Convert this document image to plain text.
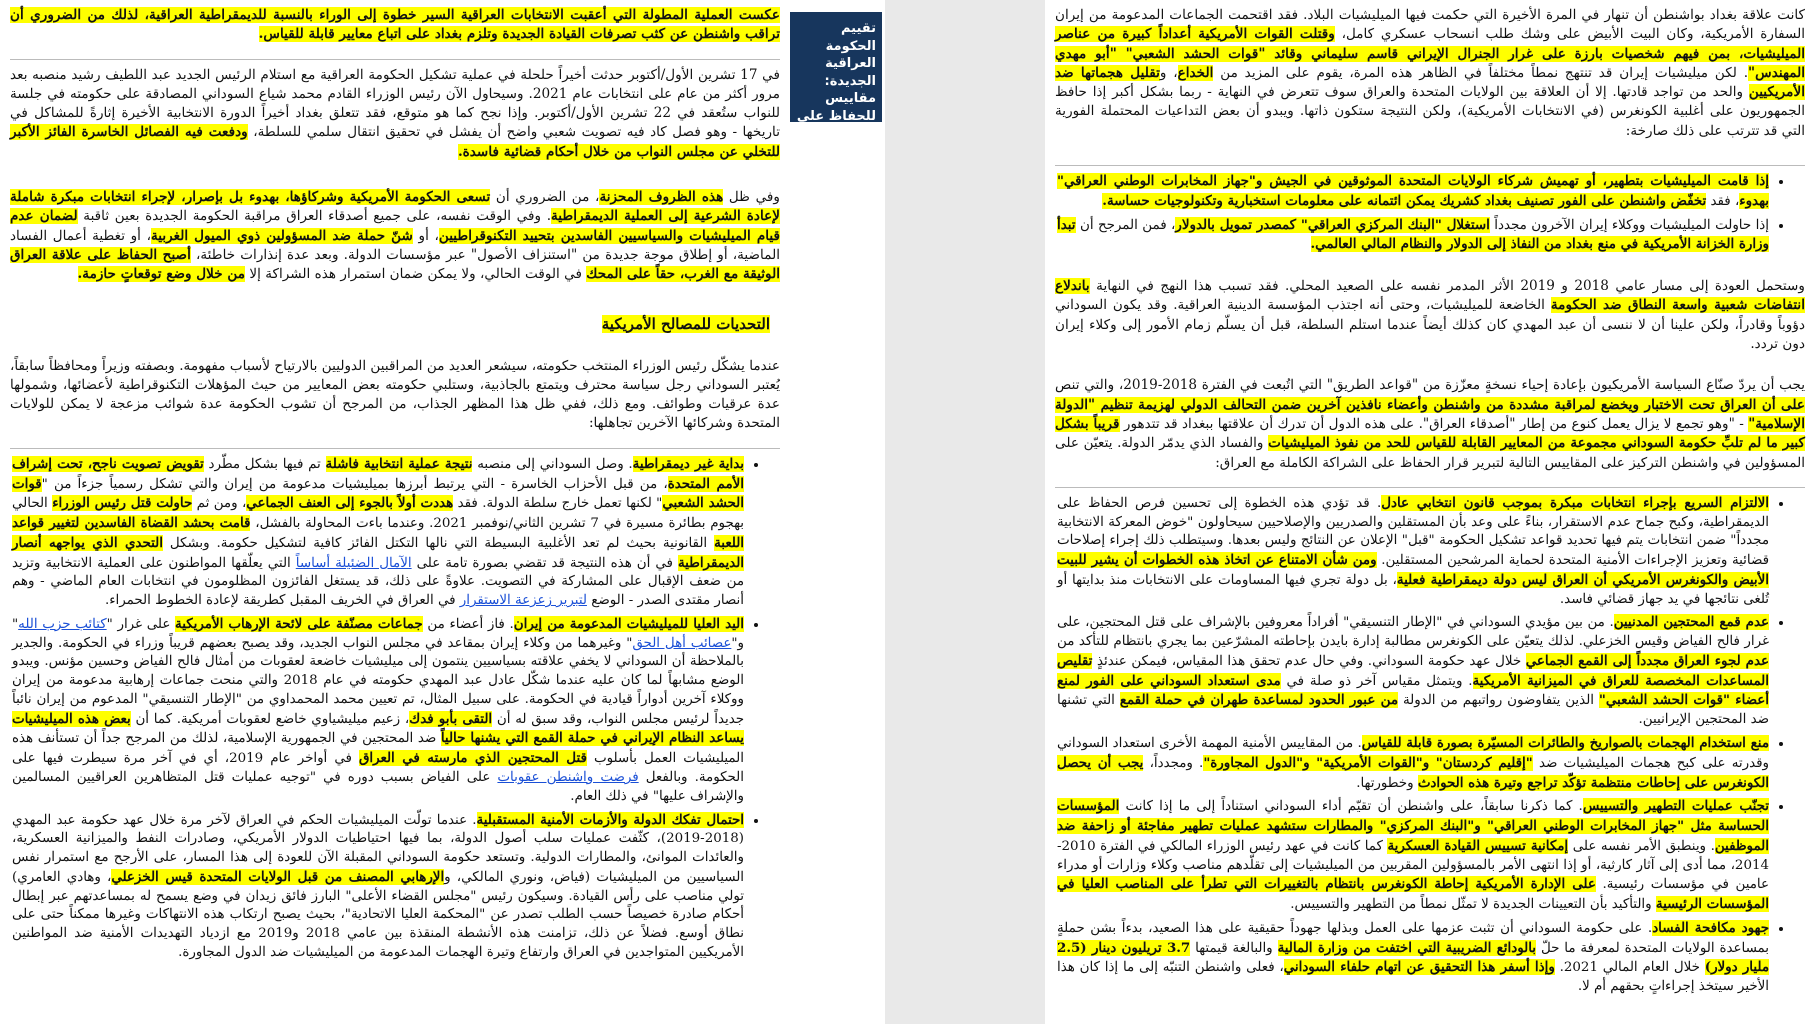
عكست العملية المطولة التي أعقبت الانتخابات العراقية السير خطوة إلى الوراء بالنسبة للديمقراطية العراقية، لذلك من الضروري أن تراقب واشنطن عن كثب تصرفات القيادة الجديدة وتلزم بغداد على اتباع معايير قابلة للقياس.

في 17 تشرين الأول/أكتوبر حدثت أخيراً حلحلة في عملية تشكيل الحكومة العراقية مع استلام الرئيس الجديد عبد اللطيف رشيد منصبه بعد مرور أكثر من عام على انتخابات عام 2021. وسيحاول الآن رئيس الوزراء القادم محمد شياع السوداني المصادقة على حكومته في جلسة للنواب ستُعقد في 22 تشرين الأول/أكتوبر. وإذا نجح كما هو متوقع، فقد تتعلق بغداد أخيراً الدورة الانتخابية الأخيرة إثارةً للمشاكل في تاريخها - وهو فصل كاد فيه تصويت شعبي واضح أن يفشل في تحقيق انتقال سلمي للسلطة، ودفعت فيه الفصائل الخاسرة الفائز الأكبر للتخلي عن مجلس النواب من خلال أحكام قضائية فاسدة.

وفي ظل هذه الظروف المحزنة، من الضروري أن تسعى الحكومة الأمريكية وشركاؤها، بهدوء بل بإصرار، لإجراء انتخابات مبكرة شاملة لإعادة الشرعية إلى العملية الديمقراطية. وفي الوقت نفسه، على جميع أصدقاء العراق مراقبة الحكومة الجديدة بعين ثاقبة لضمان عدم قيام الميليشيات والسياسيين الفاسدين بتحييد التكنوقراطيين، أو شنّ حملة ضد المسؤولين ذوي الميول الغربية، أو تغطية أعمال الفساد الماضية، أو إطلاق موجة جديدة من "استنزاف الأصول" عبر مؤسسات الدولة. وبعد عدة إنذارات خاطئة، أصبح الحفاظ على علاقة العراق الوثيقة مع الغرب، حقاً على المحك في الوقت الحالي، ولا يمكن ضمان استمرار هذه الشراكة إلا من خلال وضع توقعاتٍ حازمة.

التحديات للمصالح الأمريكية

عندما يشكّل رئيس الوزراء المنتخب حكومته، سيشعر العديد من المراقبين الدوليين بالارتياح لأسباب مفهومة. وبصفته وزيراً ومحافظاً سابقاً، يُعتبر السوداني رجل سياسة محترف ويتمتع بالجاذبية، وستلبي حكومته بعض المعايير من حيث المؤهلات التكنوقراطية لأعضائها، وشمولها عدة عرقيات وطوائف. ومع ذلك، ففي ظل هذا المظهر الجذاب، من المرجح أن تشوب الحكومة عدة شوائب مزعجة لا يمكن للولايات المتحدة وشركائها الآخرين تجاهلها:

• بداية غير ديمقراطية. وصل السوداني إلى منصبه نتيجة عملية انتخابية فاشلة تم فيها بشكل مطّرد تقويض تصويت ناجح، تحت إشراف الأمم المتحدة، من قبل الأحزاب الخاسرة - التي يرتبط أبرزها بميليشيات مدعومة من إيران والتي تشكل رسمياً جزءاً من "قوات الحشد الشعبي" لكنها تعمل خارج سلطة الدولة. فقد هددت أولاً بالجوء إلى العنف الجماعي، ومن ثم حاولت قتل رئيس الوزراء الحالي بهجوم بطائرة مسيرة في 7 تشرين الثاني/نوفمبر 2021. وعندما باءت المحاولة بالفشل، قامت بحشد القضاة الفاسدين لتغيير قواعد اللعبة القانونية بحيث لم تعد الأغلبية البسيطة التي نالها التكتل الفائز كافية لتشكيل حكومة. وبشكل التحدي الذي يواجهه أنصار الديمقراطية في أن هذه النتيجة قد تقضي بصورة تامة على الآمال الضئيلة أساساً التي يعلّقها المواطنون على العملية الانتخابية وتزيد من ضعف الإقبال على المشاركة في التصويت. علاوةً على ذلك، قد يستغل الفائزون المظلومون في انتخابات العام الماضي - وهم أنصار مقتدى الصدر - الوضع لتبرير زعزعة الاستقرار في العراق في الخريف المقبل كطريقة لإعادة الخطوط الحمراء.
• اليد العليا للميليشيات المدعومة من إيران. فاز أعضاء من جماعات مصنّفة على لائحة الإرهاب الأمريكية على غرار "كتائب حزب الله" و"عصائب أهل الحق" وغيرهما من وكلاء إيران بمقاعد في مجلس النواب الجديد، وقد يصبح بعضهم قريباً وزراء في الحكومة. والجدير بالملاحظة أن السوداني لا يخفي علاقته بسياسيين ينتمون إلى ميليشيات خاضعة لعقوبات من أمثال فالح الفياض وحسين مؤنس. ويبدو الوضع مشابهاً لما كان عليه عندما شكّل عادل عبد المهدي حكومته في عام 2018 والتي منحت جماعات إرهابية مدعومة من إيران ووكلاء آخرين أدواراً قيادية في الحكومة. على سبيل المثال، تم تعيين محمد المحمداوي من "الإطار التنسيقي" المدعوم من إيران نائباً جديداً لرئيس مجلس النواب، وقد سبق له أن التقى بأبو فدك، زعيم ميليشياوي خاضع لعقوبات أمريكية. كما أن بعض هذه الميليشيات يساعد النظام الإيراني في حملة القمع التي يشنها حالياً ضد المحتجين في الجمهورية الإسلامية، لذلك من المرجح جداً أن تستأنف هذه الميليشيات العمل بأسلوب قتل المحتجين الذي مارسته في العراق في أواخر عام 2019، أي في آخر مرة سيطرت فيها على الحكومة. وبالفعل فرضت واشنطن عقوبات على الفياض بسبب دوره في "توجيه عمليات قتل المتظاهرين العراقيين المسالمين والإشراف عليها" في ذلك العام.
• احتمال تفكك الدولة والأزمات الأمنية المستقبلية. عندما تولّت الميليشيات الحكم في العراق لآخر مرة خلال عهد حكومة عبد المهدي (2018-2019)، كثّفت عمليات سلب أصول الدولة، بما فيها احتياطيات الدولار الأمريكي، وصادرات النفط والميزانية العسكرية، والعائدات الموانئ، والمطارات الدولية. وتستعد حكومة السوداني المقبلة الآن للعودة إلى هذا المسار، على الأرجح مع استمرار نفس السياسيين من الميليشيات (فياض، ونوري المالكي، والإرهابي المصنف من قبل الولايات المتحدة قيس الخزعلي، وهادي العامري) تولي مناصب على رأس القيادة. وسيكون رئيس "مجلس القضاء الأعلى" البارز فائق زيدان في وضع يسمح له بمساعدتهم عبر إبطال أحكام صادرة خصيصاً حسب الطلب تصدر عن "المحكمة العليا الاتحادية"، بحيث يصبح ارتكاب هذه الانتهاكات وغيرها ممكناً حتى على نطاق أوسع. فضلاً عن ذلك، تزامنت هذه الأنشطة المنقذة بين عامي 2018 و2019 مع ازدياد التهديدات الأمنية ضد المواطنين الأمريكيين المتواجدين في العراق وارتفاع وتيرة الهجمات المدعومة من الميليشيات ضد الدول المجاورة.
تقييم الحكومة العراقية الجديدة: مقاييس للحفاظ على المصالح الأمريكية
بواسطة دافد بلاك
٢١ أكتوبر ٢٠٢٢ متوفر أيضاً باللغات English

كانت علاقة بغداد بواشنطن أن تنهار في المرة الأخيرة التي حكمت فيها الميليشيات البلاد. فقد اقتحمت الجماعات المدعومة من إيران السفارة الأمريكية، وكان البيت الأبيض على وشك طلب انسحاب عسكري كامل، وقتلت القوات الأمريكية أعداداً كبيرة من عناصر الميليشيات، بمن فيهم شخصيات بارزة على غرار الجنرال الإيراني قاسم سليماني وقائد "قوات الحشد الشعبي" "أبو مهدي المهندس". لكن ميليشيات إيران قد تنتهج نمطاً مختلفاً في الظاهر هذه المرة، يقوم على المزيد من الخداع، وتقليل هجماتها ضد الأمريكيين والحد من تواجد قادتها. إلا أن العلاقة بين الولايات المتحدة والعراق سوف تتعرض في النهاية - ربما بشكل أكبر إذا حافظ الجمهوريون على أغلبية الكونغرس (في الانتخابات الأمريكية)، ولكن النتيجة ستكون ذاتها. ويبدو أن بعض التداعيات المحتملة الفورية التي قد تترتب على ذلك صارخة:

• إذا قامت الميليشيات بتطهير، أو تهميش شركاء الولايات المتحدة الموثوقين في الجيش و"جهاز المخابرات الوطني العراقي" بهدوء، فقد تخفّض واشنطن على الفور تصنيف بغداد كشريك يمكن ائتمانه على معلومات استخبارية وتكنولوجيات حساسة.
• إذا حاولت الميليشيات ووكلاء إيران الآخرون مجدداً استغلال "البنك المركزي العراقي" كمصدر تمويل بالدولار، فمن المرجح أن تبدأ وزارة الخزانة الأمريكية في منع بغداد من النفاذ إلى الدولار والنظام المالي العالمي.

وستحمل العودة إلى مسار عامي 2018 و 2019 الأثر المدمر نفسه على الصعيد المحلي. فقد تسبب هذا النهج في النهاية باندلاع انتفاضات شعبية واسعة النطاق ضد الحكومة الخاضعة للميليشيات، وحتى أنه اجتذب المؤسسة الدينية العراقية. وقد يكون السوداني دؤوباً وقادراً، ولكن علينا أن لا ننسى أن عبد المهدي كان كذلك أيضاً عندما استلم السلطة، قبل أن يسلّم زمام الأمور إلى وكلاء إيران دون تردد.

يجب أن يردّ صنّاع السياسة الأمريكيون بإعادة إحياء نسخةٍ معزّزة من "قواعد الطريق" التي اتُبعت في الفترة 2018-2019، والتي تنص على أن العراق تحت الاختبار ويخضع لمراقبة مشددة من واشنطن وأعضاء نافذين آخرين ضمن التحالف الدولي لهزيمة تنظيم "الدولة الإسلامية" - "وهو تجمع لا يزال يعمل كنوع من إطار "أصدقاء العراق". على هذه الدول أن تدرك أن علاقتها ببغداد قد تتدهور قريباً بشكل كبير ما لم تلبِّ حكومة السوداني مجموعة من المعايير القابلة للقياس للحد من نفوذ الميليشيات والفساد الذي يدمّر الدولة. يتعيّن على المسؤولين في واشنطن التركيز على المقاييس التالية لتبرير قرار الحفاظ على الشراكة الكاملة مع العراق:

• الالتزام السريع بإجراء انتخابات مبكرة بموجب قانون انتخابي عادل. قد تؤدي هذه الخطوة إلى تحسين فرص الحفاظ على الديمقراطية، وكبح جماح عدم الاستقرار، بناءً على وعد بأن المستقلين والصدريين والإصلاحيين سيحاولون "خوض المعركة الانتخابية مجدداً" ضمن انتخابات يتم فيها تحديد قواعد تشكيل الحكومة "قبل" الإعلان عن النتائج وليس بعدها. وسيتطلب ذلك إجراء إصلاحات قضائية وتعزيز الإجراءات الأمنية المتحدة لحماية المرشحين المستقلين. ومن شأن الامتناع عن اتخاذ هذه الخطوات أن يشير للبيت الأبيض والكونغرس الأمريكي أن العراق ليس دولة ديمقراطية فعلية، بل دولة تجري فيها المساومات على الانتخابات منذ بدايتها أو تُلغى نتائجها في يد جهاز قضائي فاسد.
• عدم قمع المحتجين المدنيين. من بين مؤيدي السوداني في "الإطار التنسيقي" أفراداً معروفين بالإشراف على قتل المحتجين، على غرار فالح الفياض وقيس الخزعلي. لذلك يتعيّن على الكونغرس مطالبة إدارة بايدن بإحاطته المشرّعين بما يجري بانتظام للتأكد من عدم لجوء العراق مجدداً إلى القمع الجماعي خلال عهد حكومة السوداني. وفي حال عدم تحقق هذا المقياس، فيمكن عندئذٍ تقليص المساعدات المخصصة للعراق في الميزانية الأمريكية. ويتمثل مقياس آخر ذو صلة في مدى استعداد السوداني على الفور لمنع أعضاء "قوات الحشد الشعبي" الذين يتفاوضون رواتبهم من الدولة من عبور الحدود لمساعدة طهران في حملة القمع التي تشنها ضد المحتجين الإيرانيين.
• منع استخدام الهجمات بالصواريخ والطائرات المسيّرة بصورة قابلة للقياس. من المقاييس الأمنية المهمة الأخرى استعداد السوداني وقدرته على كبح هجمات الميليشيات ضد "إقليم كردستان" و"القوات الأمريكية" و"الدول المجاورة". ومجدداً، يجب أن يحصل الكونغرس على إحاطات منتظمة تؤكّد تراجع وتيرة هذه الحوادث وخطورتها.
• تجنّب عمليات التطهير والتسييس. كما ذكرنا سابقاً، على واشنطن أن تقيّم أداء السوداني استناداً إلى ما إذا كانت المؤسسات الحساسة مثل "جهاز المخابرات الوطني العراقي" و"البنك المركزي" والمطارات ستشهد عمليات تطهير مفاجئة أو زاحفة ضد الموظفين. وينطبق الأمر نفسه على إمكانية تسييس القيادة العسكرية كما كانت في عهد رئيس الوزراء المالكي في الفترة 2010-2014، مما أدى إلى آثار كارثية، أو إذا انتهى الأمر بالمسؤولين المقربين من الميليشيات إلى تقلّدهم مناصب وكلاء وزارات أو مدراء عامين في مؤسسات رئيسية. على الإدارة الأمريكية إحاطة الكونغرس بانتظام بالتغييرات التي تطرأ على المناصب العليا في المؤسسات الرئيسية والتأكيد بأن التعيينات الجديدة لا تمثّل نمطاً من التطهير والتسييس.
• جهود مكافحة الفساد. على حكومة السوداني أن تثبت عزمها على العمل وبذلها جهوداً حقيقية على هذا الصعيد، بدءاً بشن حملةٍ بمساعدة الولايات المتحدة لمعرفة ما حلّ بالودائع الضريبية التي اختفت من وزارة المالية والبالغة قيمتها 3.7 تريليون دينار (2.5 مليار دولار) خلال العام المالي 2021. وإذا أسفر هذا التحقيق عن اتهام حلفاء السوداني، فعلى واشنطن التنبّه إلى ما إذا كان هذا الأخير سيتخذ إجراءاتٍ بحقهم أم لا.
